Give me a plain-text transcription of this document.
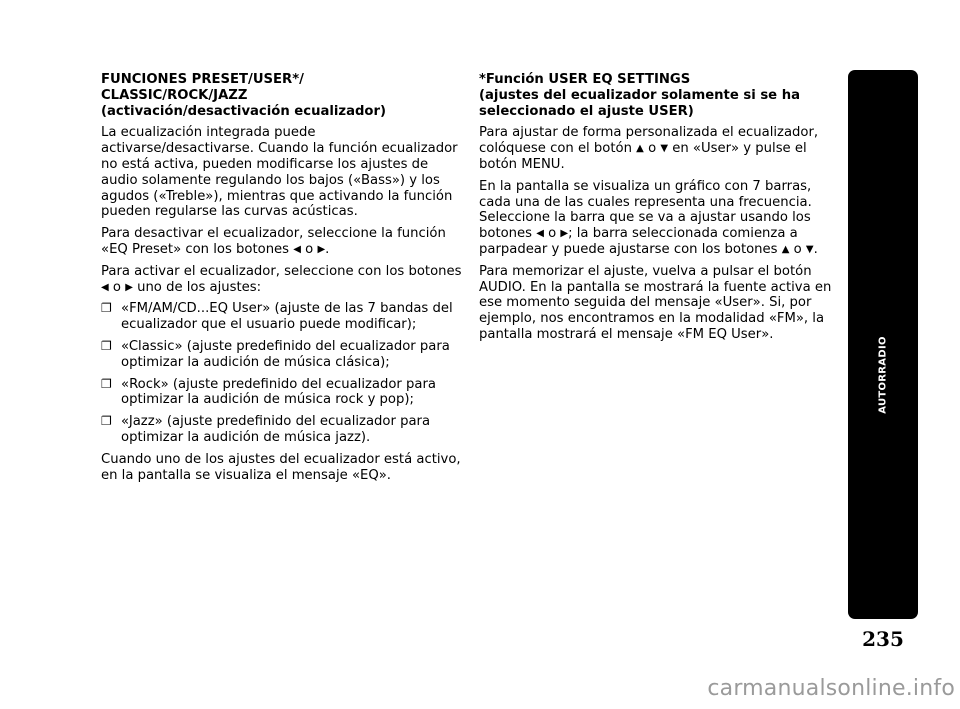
FUNCIONES PRESET/USER*/
CLASSIC/ROCK/JAZZ
(activación/desactivación ecualizador)

La ecualización integrada puede activarse/desactivarse. Cuando la función ecualizador no está activa, pueden modificarse los ajustes de audio solamente regulando los bajos («Bass») y los agudos («Treble»), mientras que activando la función pueden regularse las curvas acústicas.

Para desactivar el ecualizador, seleccione la función «EQ Preset» con los botones ◀ o ▶.

Para activar el ecualizador, seleccione con los botones ◀ o ▶ uno de los ajustes:

❐ «FM/AM/CD...EQ User» (ajuste de las 7 bandas del ecualizador que el usuario puede modificar);
❐ «Classic» (ajuste predefinido del ecualizador para optimizar la audición de música clásica);
❐ «Rock» (ajuste predefinido del ecualizador para optimizar la audición de música rock y pop);
❐ «Jazz» (ajuste predefinido del ecualizador para optimizar la audición de música jazz).

Cuando uno de los ajustes del ecualizador está activo, en la pantalla se visualiza el mensaje «EQ».

*Función USER EQ SETTINGS
(ajustes del ecualizador solamente si se ha
seleccionado el ajuste USER)

Para ajustar de forma personalizada el ecualizador, colóquese con el botón ▲ o ▼ en «User» y pulse el botón MENU.

En la pantalla se visualiza un gráfico con 7 barras, cada una de las cuales representa una frecuencia. Seleccione la barra que se va a ajustar usando los botones ◀ o ▶; la barra seleccionada comienza a parpadear y puede ajustarse con los botones ▲ o ▼.

Para memorizar el ajuste, vuelva a pulsar el botón AUDIO. En la pantalla se mostrará la fuente activa en ese momento seguida del mensaje «User». Si, por ejemplo, nos encontramos en la modalidad «FM», la pantalla mostrará el mensaje «FM EQ User».

AUTORRADIO
235
carmanualsonline.info
